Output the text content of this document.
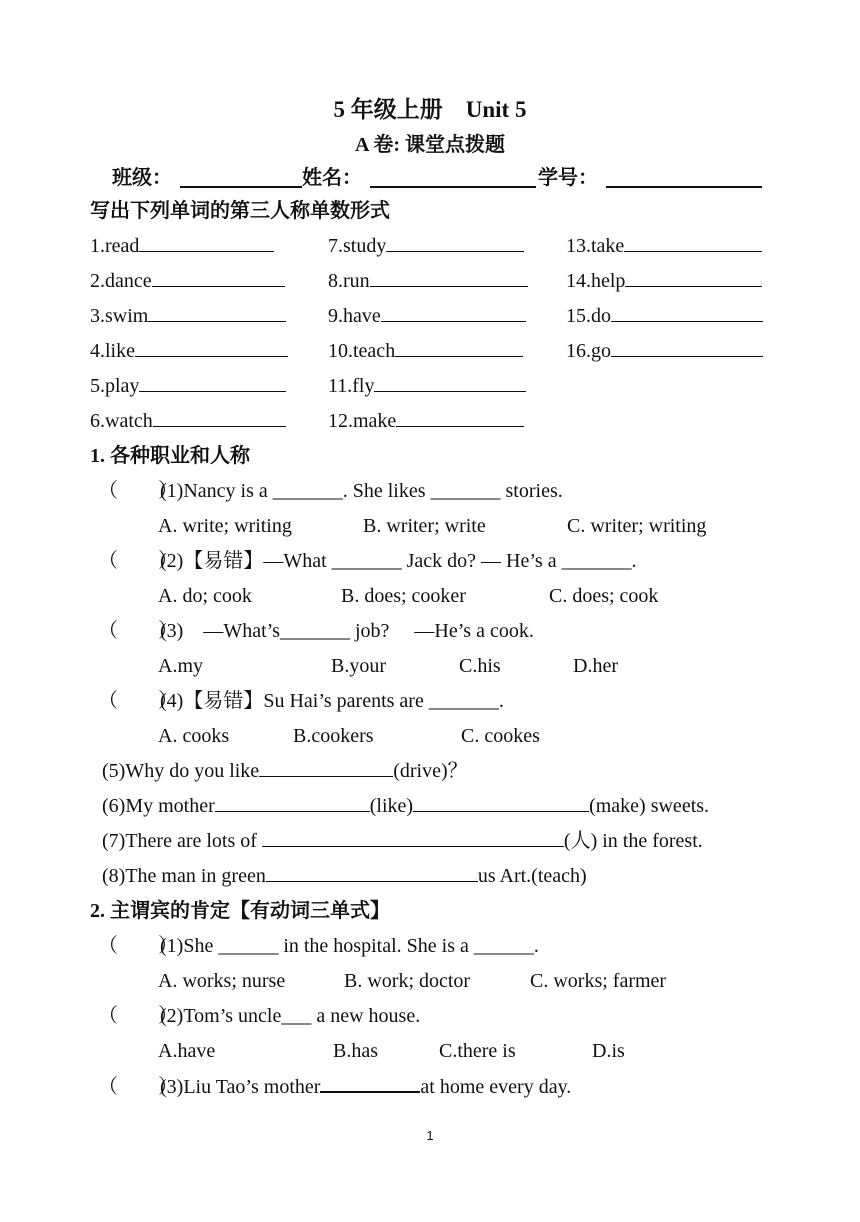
5 年级上册　Unit 5
A 卷: 课堂点拨题
班级：	姓名：	学号：
写出下列单词的第三人称单数形式
1.read
2.dance
3.swim
4.like
5.play
6.watch
7.study
8.run
9.have
10.teach
11.fly
12.make
13.take
14.help
15.do
16.go
1. 各种职业和人称
（　　）(1)Nancy is a _______. She likes _______ stories.
A. write; writing	B. writer; write	C. writer; writing
（　　）(2)【易错】—What _______ Jack do? — He’s a _______.
A. do; cook	B. does; cooker	C. does; cook
（　　）(3)　—What’s_______ job?　 —He’s a cook.
A.my	B.your	C.his	D.her
（　　）(4)【易错】Su Hai’s parents are _______.
A. cooks	B.cookers	C. cookes
(5)Why do you like	(drive)？
(6)My mother	(like)	(make) sweets.
(7)There are lots of	(人) in the forest.
(8)The man in green	us Art.(teach)
2. 主谓宾的肯定【有动词三单式】
（　　）(1)She ______ in the hospital. She is a ______.
A. works; nurse	B. work; doctor	C. works; farmer
（　　）(2)Tom’s uncle___ a new house.
A.have	B.has	C.there is	D.is
（　　）(3)Liu Tao’s mother	at home every day.
1
